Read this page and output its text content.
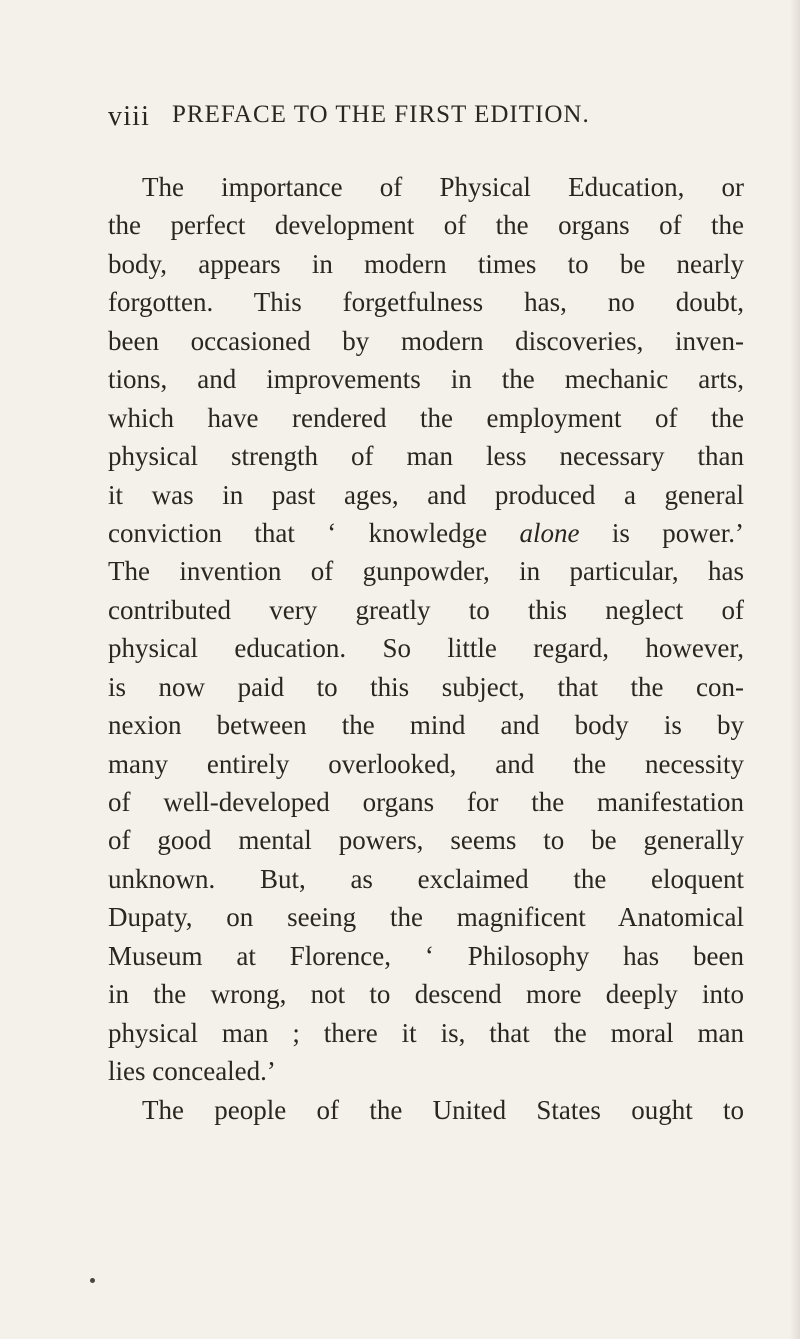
viii PREFACE TO THE FIRST EDITION.
The importance of Physical Education, or
the perfect development of the organs of the
body, appears in modern times to be nearly
forgotten. This forgetfulness has, no doubt,
been occasioned by modern discoveries, inven-
tions, and improvements in the mechanic arts,
which have rendered the employment of the
physical strength of man less necessary than
it was in past ages, and produced a general
conviction that ‘ knowledge alone is power.’
The invention of gunpowder, in particular, has
contributed very greatly to this neglect of
physical education. So little regard, however,
is now paid to this subject, that the con-
nexion between the mind and body is by
many entirely overlooked, and the necessity
of well-developed organs for the manifestation
of good mental powers, seems to be generally
unknown. But, as exclaimed the eloquent
Dupaty, on seeing the magnificent Anatomical
Museum at Florence, ‘ Philosophy has been
in the wrong, not to descend more deeply into
physical man ; there it is, that the moral man
lies concealed.’
The people of the United States ought to
